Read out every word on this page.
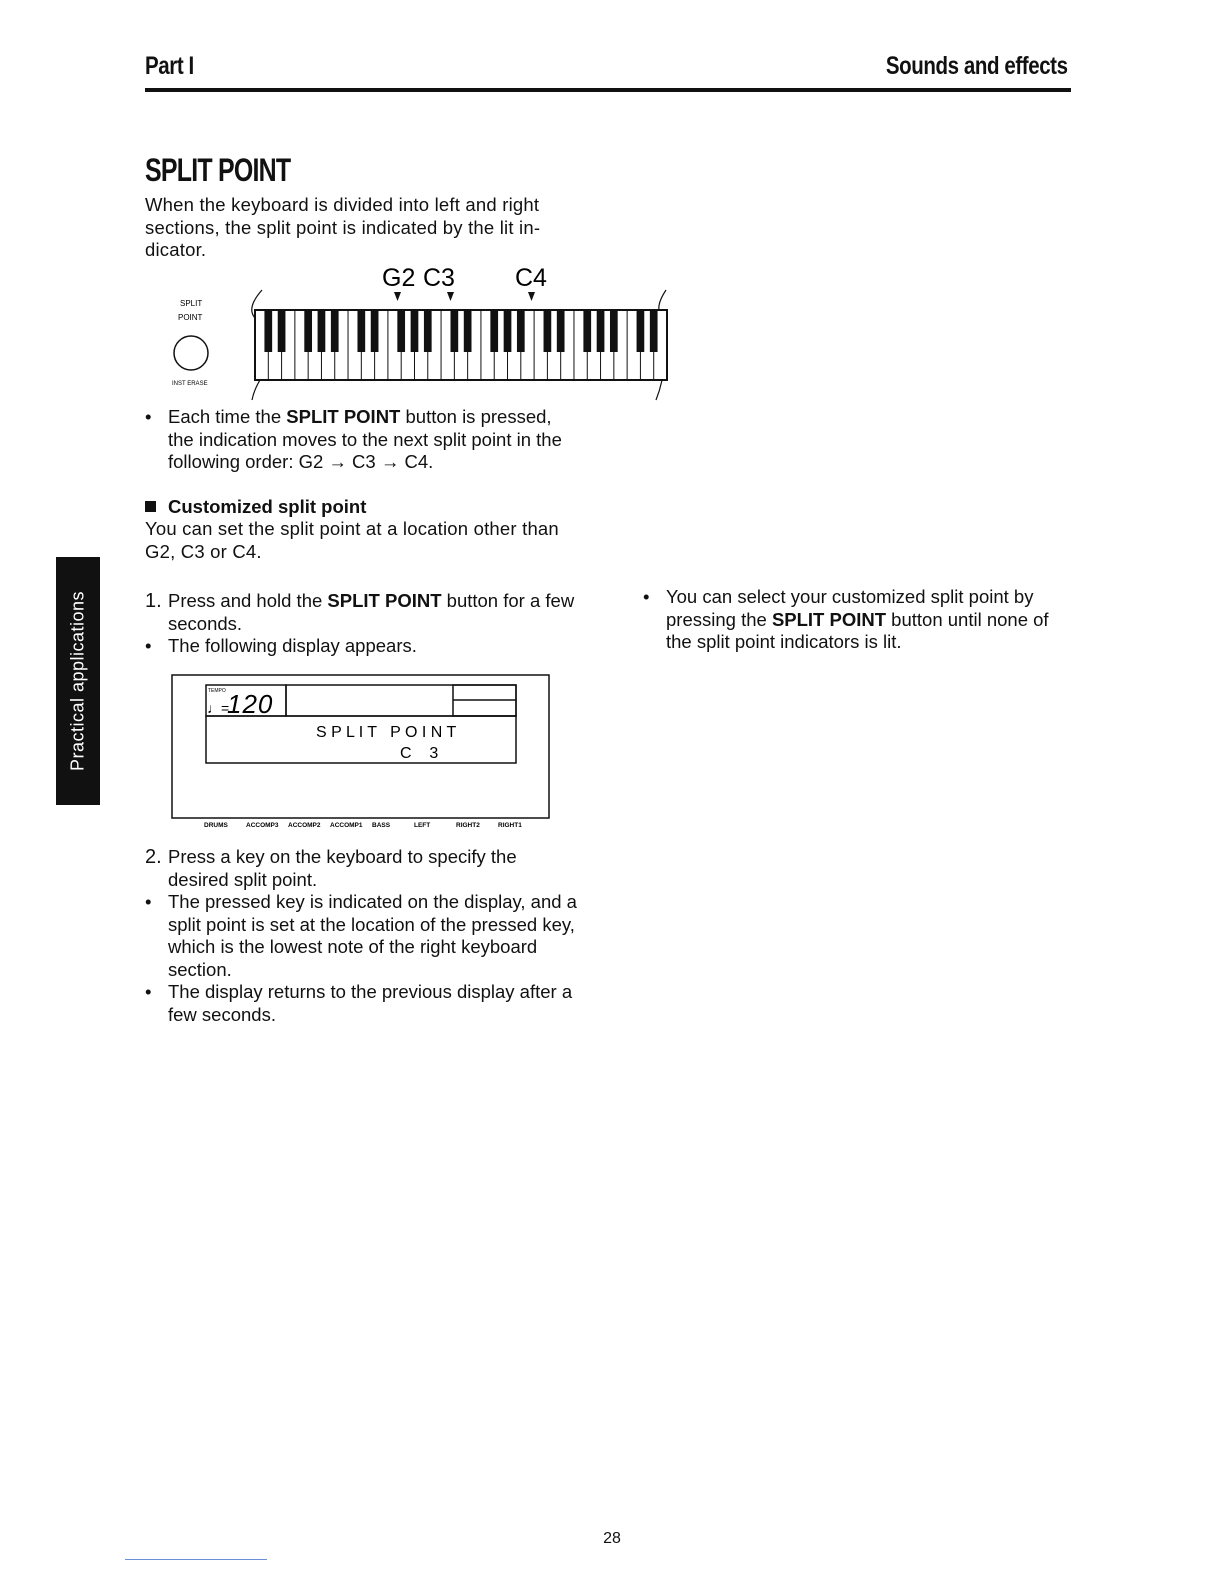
Part I	Sounds and effects
SPLIT POINT
When the keyboard is divided into left and right sections, the split point is indicated by the lit in-dicator.
G2 C3 C4
SPLIT
POINT
INST ERASE
• Each time the SPLIT POINT button is pressed, the indication moves to the next split point in the following order: G2 → C3 → C4.
Customized split point
You can set the split point at a location other than G2, C3 or C4.
1. Press and hold the SPLIT POINT button for a few seconds.
• The following display appears.
TEMPO
♩=
120
S P L I T   P O I N T
C    3
DRUMS	ACCOMP3 ACCOMP2 ACCOMP1 BASS	LEFT	RIGHT2	RIGHT1
2. Press a key on the keyboard to specify the desired split point.
• The pressed key is indicated on the display, and a split point is set at the location of the pressed key, which is the lowest note of the right keyboard section.
• The display returns to the previous display after a few seconds.
• You can select your customized split point by pressing the SPLIT POINT button until none of the split point indicators is lit.
Practical applications
28
